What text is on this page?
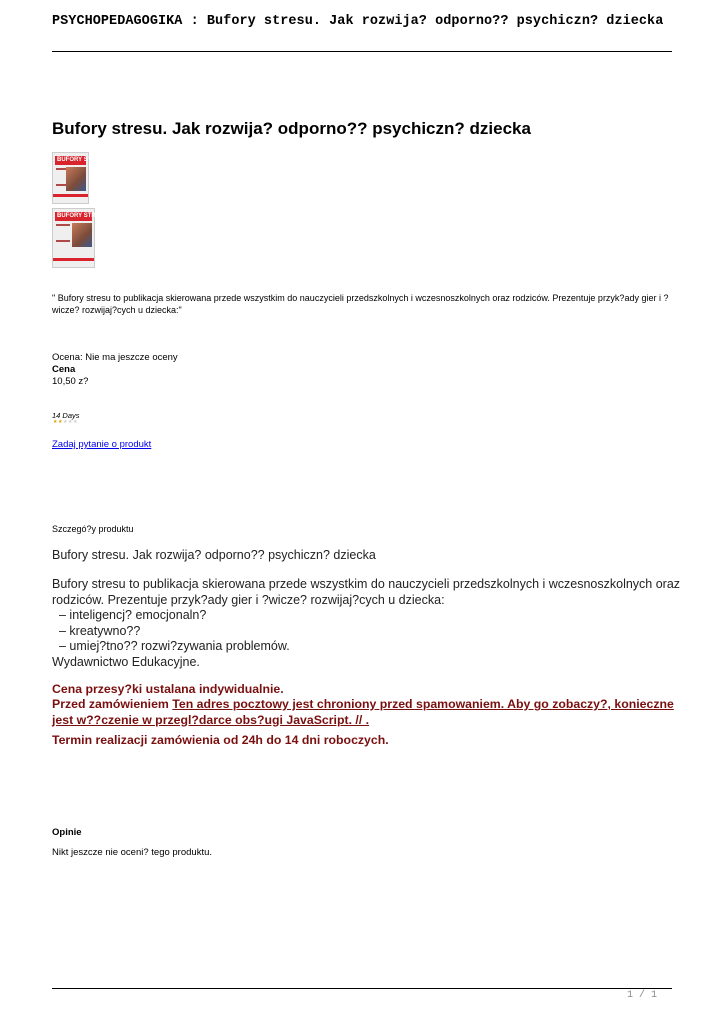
PSYCHOPEDAGOGIKA : Bufory stresu. Jak rozwija? odporno?? psychiczn? dziecka
Bufory stresu. Jak rozwija? odporno?? psychiczn? dziecka
BUFORY STRESU
BUFORY STRESU

" Bufory stresu to publikacja skierowana przede wszystkim do nauczycieli przedszkolnych i wczesnoszkolnych oraz rodziców. Prezentuje przyk?ady gier i ?wicze? rozwijaj?cych u dziecka:"

Ocena: Nie ma jeszcze oceny
Cena
10,50 z?
14 Days
★★★★★
Zadaj pytanie o produkt
Szczegó?y produktu
Bufory stresu. Jak rozwija? odporno?? psychiczn? dziecka
Bufory stresu to publikacja skierowana przede wszystkim do nauczycieli przedszkolnych i wczesnoszkolnych oraz rodziców. Prezentuje przyk?ady gier i ?wicze? rozwijaj?cych u dziecka:
– inteligencj? emocjonaln?
– kreatywno??
– umiej?tno?? rozwi?zywania problemów.
Wydawnictwo Edukacyjne.
Cena przesy?ki ustalana indywidualnie.
Przed zamówieniem Ten adres pocztowy jest chroniony przed spamowaniem. Aby go zobaczy?, konieczne jest w??czenie w przegl?darce obs?ugi JavaScript. // .
Termin realizacji zamówienia od 24h do 14 dni roboczych.
Opinie
Nikt jeszcze nie oceni? tego produktu.
1 / 1
